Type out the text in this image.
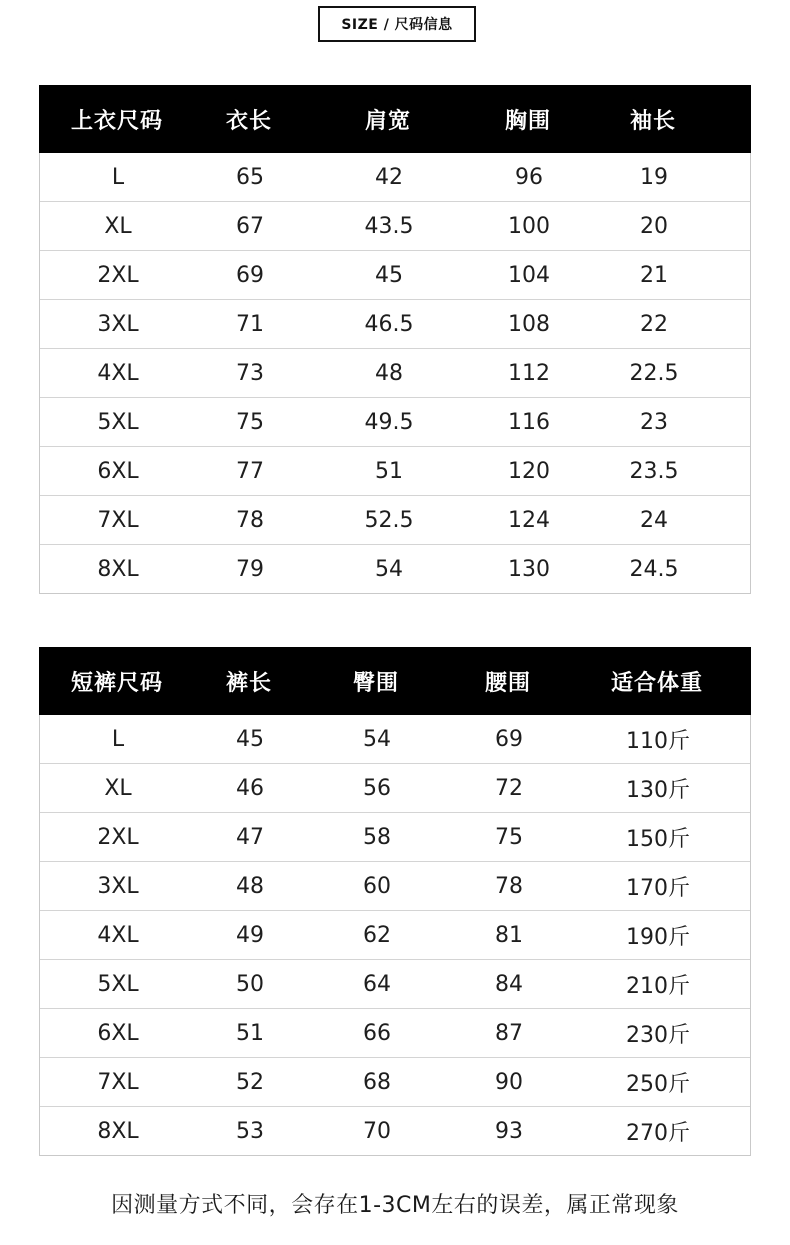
SIZE / 尺码信息
上衣尺码	衣长	肩宽	胸围	袖长
L	65	42	96	19
XL	67	43.5	100	20
2XL	69	45	104	21
3XL	71	46.5	108	22
4XL	73	48	112	22.5
5XL	75	49.5	116	23
6XL	77	51	120	23.5
7XL	78	52.5	124	24
8XL	79	54	130	24.5
短裤尺码	裤长	臀围	腰围	适合体重
L	45	54	69	110斤
XL	46	56	72	130斤
2XL	47	58	75	150斤
3XL	48	60	78	170斤
4XL	49	62	81	190斤
5XL	50	64	84	210斤
6XL	51	66	87	230斤
7XL	52	68	90	250斤
8XL	53	70	93	270斤
因测量方式不同，会存在1-3CM左右的误差，属正常现象
